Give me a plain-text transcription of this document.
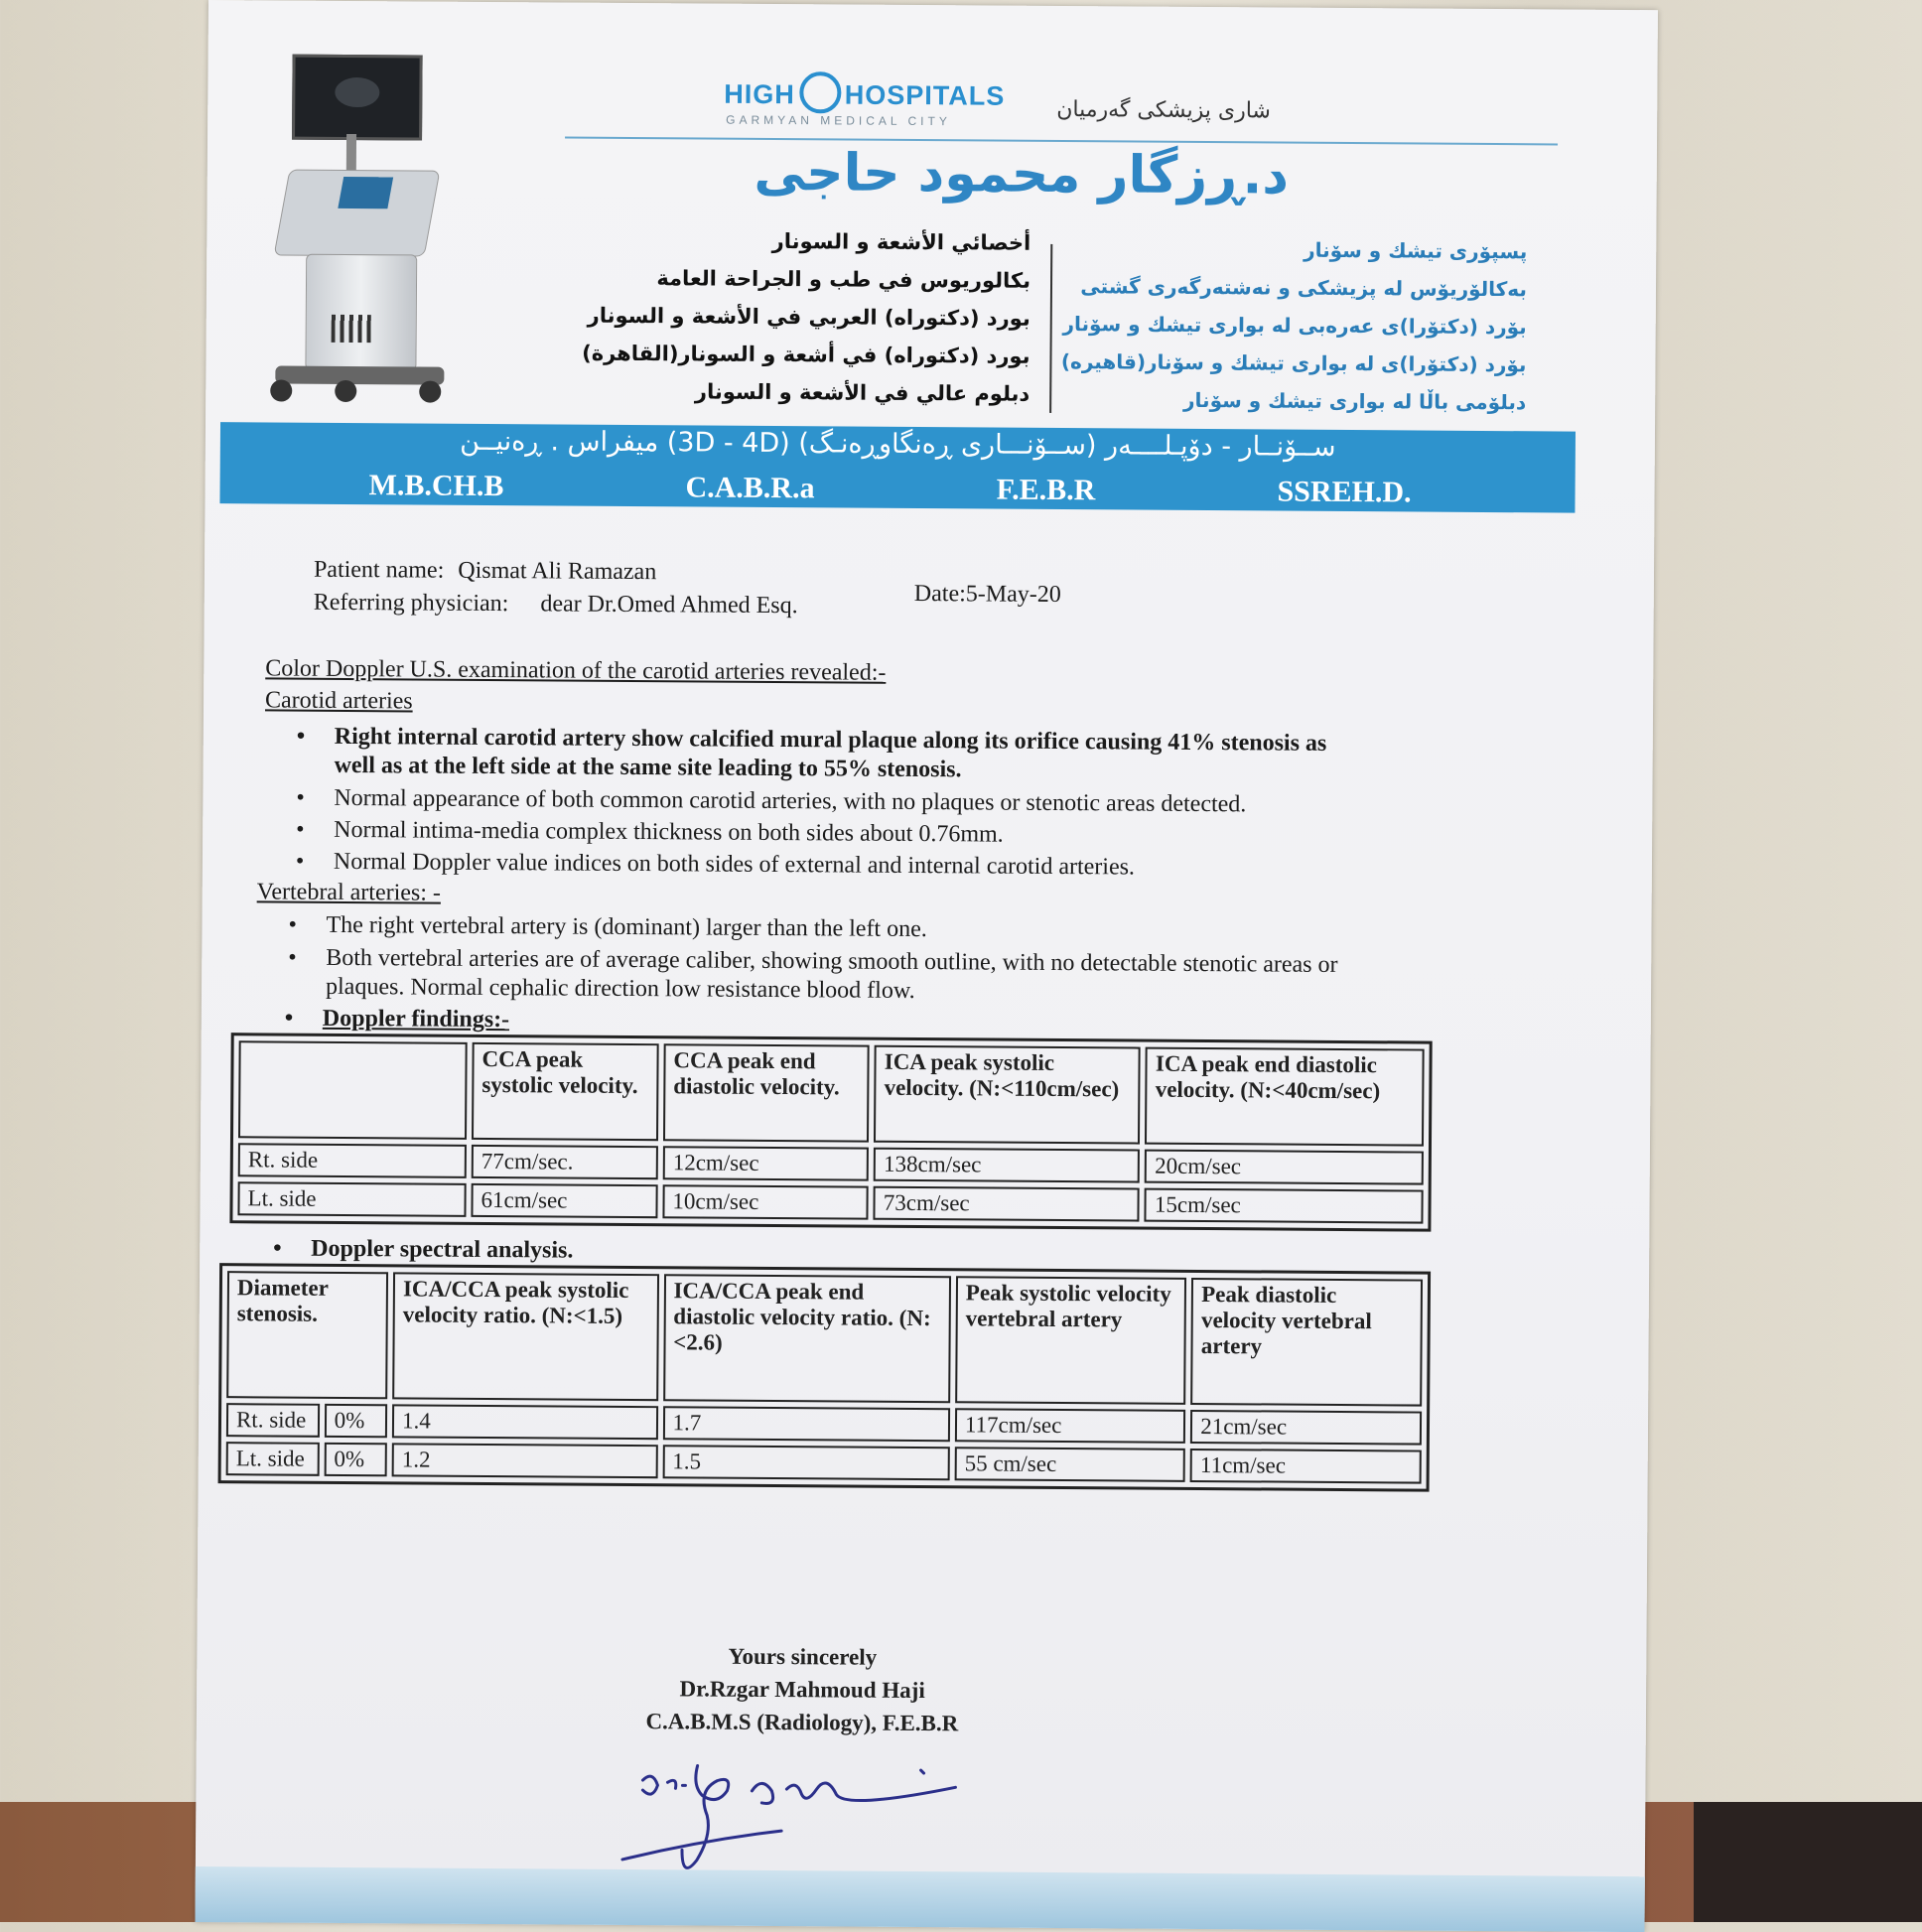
HIGH HOSPITALS
GARMYAN MEDICAL CITY	شاری پزیشکی گەرمیان
د.ڕزگار محمود حاجی
أخصائي الأشعة و السونار
بكالوريوس في طب و الجراحة العامة
بورد (دكتوراه) العربي في الأشعة و السونار
بورد (دكتوراه) في أشعة و السونار(القاهرة)
دبلوم عالي في الأشعة و السونار
پسپۆری تیشك و سۆنار
بەكالۆریۆس لە پزیشكی و نەشتەرگەری گشتی
بۆرد (دكتۆرا)ی عەرەبی لە بواری تیشك و سۆنار
بۆرد (دكتۆرا)ی لە بواری تیشك و سۆنار(قاهیرە)
دبلۆمی باڵا لە بواری تیشك و سۆنار
ســۆنــار - دۆپـلــــەر (ســۆنـــاری ڕەنگاوڕەنـگ) (3D - 4D) میفراس . ڕەنیــن
M.B.CH.B	C.A.B.R.a	F.E.B.R	SSREH.D.
Patient name: Qismat Ali Ramazan
Referring physician: dear Dr.Omed Ahmed Esq.	Date:5-May-20
Color Doppler U.S. examination of the carotid arteries revealed:-
Carotid arteries
• Right internal carotid artery show calcified mural plaque along its orifice causing 41% stenosis as well as at the left side at the same site leading to 55% stenosis.
• Normal appearance of both common carotid arteries, with no plaques or stenotic areas detected.
• Normal intima-media complex thickness on both sides about 0.76mm.
• Normal Doppler value indices on both sides of external and internal carotid arteries.
Vertebral arteries: -
• The right vertebral artery is (dominant) larger than the left one.
• Both vertebral arteries are of average caliber, showing smooth outline, with no detectable stenotic areas or plaques. Normal cephalic direction low resistance blood flow.
• Doppler findings:-
	CCA peak systolic velocity.	CCA peak end diastolic velocity.	ICA peak systolic velocity. (N:<110cm/sec)	ICA peak end diastolic velocity. (N:<40cm/sec)
Rt. side	77cm/sec.	12cm/sec	138cm/sec	20cm/sec
Lt. side	61cm/sec	10cm/sec	73cm/sec	15cm/sec
• Doppler spectral analysis.
Diameter stenosis.		ICA/CCA peak systolic velocity ratio. (N:<1.5)	ICA/CCA peak end diastolic velocity ratio. (N:<2.6)	Peak systolic velocity vertebral artery	Peak diastolic velocity vertebral artery
Rt. side	0%	1.4	1.7	117cm/sec	21cm/sec
Lt. side	0%	1.2	1.5	55 cm/sec	11cm/sec
Yours sincerely
Dr.Rzgar Mahmoud Haji
C.A.B.M.S (Radiology), F.E.B.R
